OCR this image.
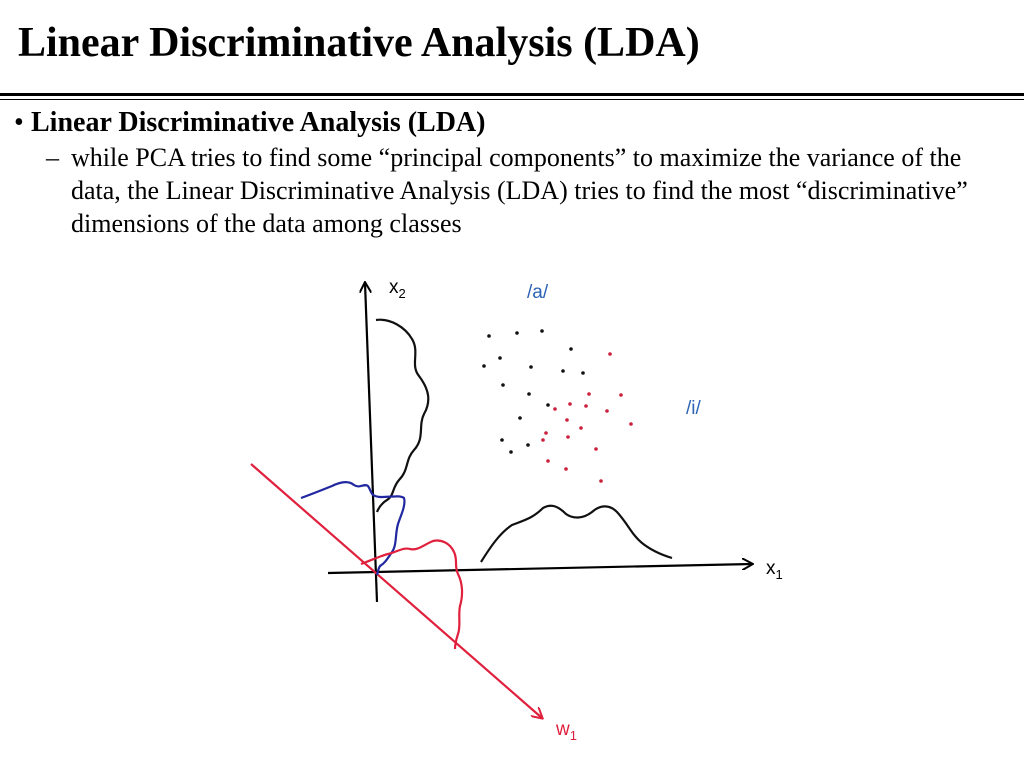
Linear Discriminative Analysis (LDA)
• Linear Discriminative Analysis (LDA)
– while PCA tries to find some “principal components” to maximize the variance of the data, the Linear Discriminative Analysis (LDA) tries to find the most “discriminative” dimensions of the data among classes
$x_2$
$x_1$
$w_1$
/a/
/i/
